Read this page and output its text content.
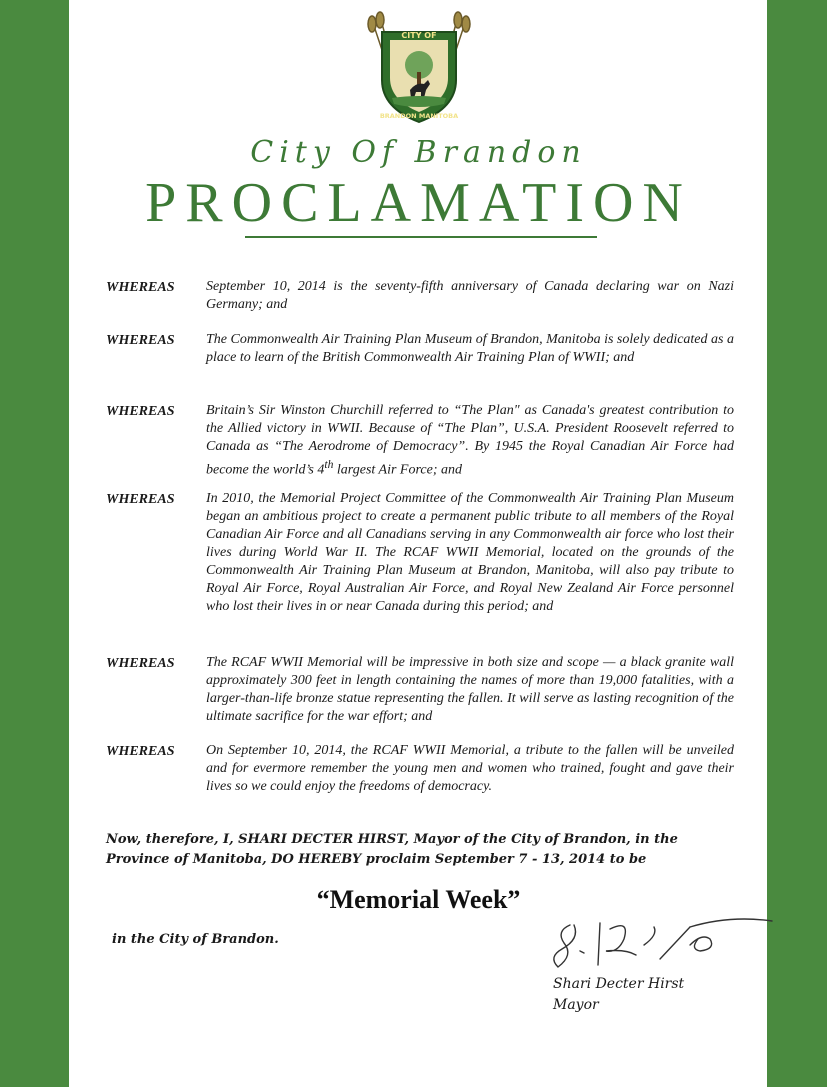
CITY OF
BRANDON MANITOBA
City Of Brandon
PROCLAMATION
WHEREAS	September 10, 2014 is the seventy-fifth anniversary of Canada declaring war on Nazi Germany; and
WHEREAS	The Commonwealth Air Training Plan Museum of Brandon, Manitoba is solely dedicated as a place to learn of the British Commonwealth Air Training Plan of WWII; and
WHEREAS	Britain’s Sir Winston Churchill referred to “The Plan" as Canada's greatest contribution to the Allied victory in WWII. Because of “The Plan”, U.S.A. President Roosevelt referred to Canada as “The Aerodrome of Democracy”. By 1945 the Royal Canadian Air Force had become the world’s 4th largest Air Force; and
WHEREAS	In 2010, the Memorial Project Committee of the Commonwealth Air Training Plan Museum began an ambitious project to create a permanent public tribute to all members of the Royal Canadian Air Force and all Canadians serving in any Commonwealth air force who lost their lives during World War II. The RCAF WWII Memorial, located on the grounds of the Commonwealth Air Training Plan Museum at Brandon, Manitoba, will also pay tribute to Royal Air Force, Royal Australian Air Force, and Royal New Zealand Air Force personnel who lost their lives in or near Canada during this period; and
WHEREAS	The RCAF WWII Memorial will be impressive in both size and scope — a black granite wall approximately 300 feet in length containing the names of more than 19,000 fatalities, with a larger-than-life bronze statue representing the fallen. It will serve as lasting recognition of the ultimate sacrifice for the war effort; and
WHEREAS	On September 10, 2014, the RCAF WWII Memorial, a tribute to the fallen will be unveiled and for evermore remember the young men and women who trained, fought and gave their lives so we could enjoy the freedoms of democracy.
Now, therefore, I, SHARI DECTER HIRST, Mayor of the City of Brandon, in the Province of Manitoba, DO HEREBY proclaim September 7 - 13, 2014 to be
“Memorial Week”
in the City of Brandon.
Shari Decter Hirst
Mayor
